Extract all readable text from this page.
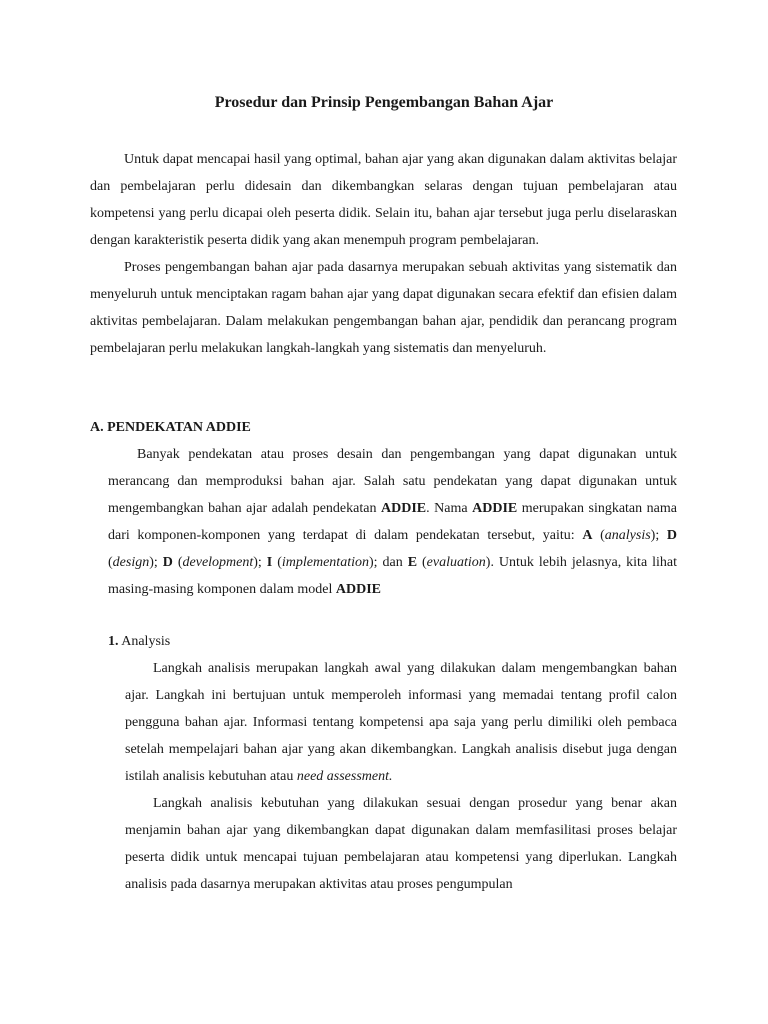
Prosedur dan Prinsip Pengembangan Bahan Ajar

Untuk dapat mencapai hasil yang optimal, bahan ajar yang akan digunakan dalam aktivitas belajar dan pembelajaran perlu didesain dan dikembangkan selaras dengan tujuan pembelajaran atau kompetensi yang perlu dicapai oleh peserta didik. Selain itu, bahan ajar tersebut juga perlu diselaraskan dengan karakteristik peserta didik yang akan menempuh program pembelajaran.

Proses pengembangan bahan ajar pada dasarnya merupakan sebuah aktivitas yang sistematik dan menyeluruh untuk menciptakan ragam bahan ajar yang dapat digunakan secara efektif dan efisien dalam aktivitas pembelajaran. Dalam melakukan pengembangan bahan ajar, pendidik dan perancang program pembelajaran perlu melakukan langkah-langkah yang sistematis dan menyeluruh.

A. PENDEKATAN ADDIE

Banyak pendekatan atau proses desain dan pengembangan yang dapat digunakan untuk merancang dan memproduksi bahan ajar. Salah satu pendekatan yang dapat digunakan untuk mengembangkan bahan ajar adalah pendekatan ADDIE. Nama ADDIE merupakan singkatan nama dari komponen-komponen yang terdapat di dalam pendekatan tersebut, yaitu: A (analysis); D (design); D (development); I (implementation); dan E (evaluation). Untuk lebih jelasnya, kita lihat masing-masing komponen dalam model ADDIE

1. Analysis

Langkah analisis merupakan langkah awal yang dilakukan dalam mengembangkan bahan ajar. Langkah ini bertujuan untuk memperoleh informasi yang memadai tentang profil calon pengguna bahan ajar. Informasi tentang kompetensi apa saja yang perlu dimiliki oleh pembaca setelah mempelajari bahan ajar yang akan dikembangkan. Langkah analisis disebut juga dengan istilah analisis kebutuhan atau need assessment.

Langkah analisis kebutuhan yang dilakukan sesuai dengan prosedur yang benar akan menjamin bahan ajar yang dikembangkan dapat digunakan dalam memfasilitasi proses belajar peserta didik untuk mencapai tujuan pembelajaran atau kompetensi yang diperlukan. Langkah analisis pada dasarnya merupakan aktivitas atau proses pengumpulan
